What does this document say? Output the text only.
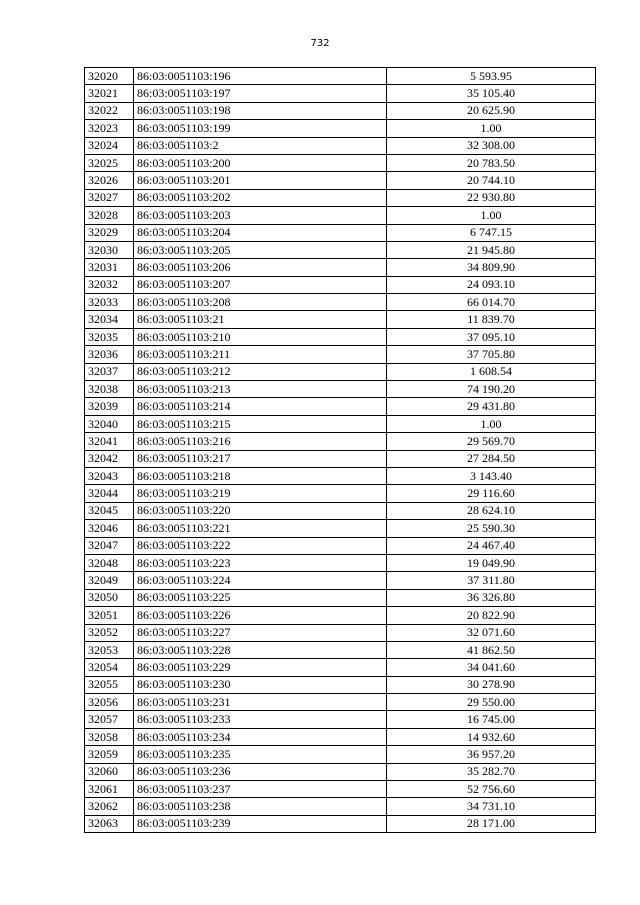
732
32020	86:03:0051103:196	5 593.95
32021	86:03:0051103:197	35 105.40
32022	86:03:0051103:198	20 625.90
32023	86:03:0051103:199	1.00
32024	86:03:0051103:2	32 308.00
32025	86:03:0051103:200	20 783.50
32026	86:03:0051103:201	20 744.10
32027	86:03:0051103:202	22 930.80
32028	86:03:0051103:203	1.00
32029	86:03:0051103:204	6 747.15
32030	86:03:0051103:205	21 945.80
32031	86:03:0051103:206	34 809.90
32032	86:03:0051103:207	24 093.10
32033	86:03:0051103:208	66 014.70
32034	86:03:0051103:21	11 839.70
32035	86:03:0051103:210	37 095.10
32036	86:03:0051103:211	37 705.80
32037	86:03:0051103:212	1 608.54
32038	86:03:0051103:213	74 190.20
32039	86:03:0051103:214	29 431.80
32040	86:03:0051103:215	1.00
32041	86:03:0051103:216	29 569.70
32042	86:03:0051103:217	27 284.50
32043	86:03:0051103:218	3 143.40
32044	86:03:0051103:219	29 116.60
32045	86:03:0051103:220	28 624.10
32046	86:03:0051103:221	25 590.30
32047	86:03:0051103:222	24 467.40
32048	86:03:0051103:223	19 049.90
32049	86:03:0051103:224	37 311.80
32050	86:03:0051103:225	36 326.80
32051	86:03:0051103:226	20 822.90
32052	86:03:0051103:227	32 071.60
32053	86:03:0051103:228	41 862.50
32054	86:03:0051103:229	34 041.60
32055	86:03:0051103:230	30 278.90
32056	86:03:0051103:231	29 550.00
32057	86:03:0051103:233	16 745.00
32058	86:03:0051103:234	14 932.60
32059	86:03:0051103:235	36 957.20
32060	86:03:0051103:236	35 282.70
32061	86:03:0051103:237	52 756.60
32062	86:03:0051103:238	34 731.10
32063	86:03:0051103:239	28 171.00
